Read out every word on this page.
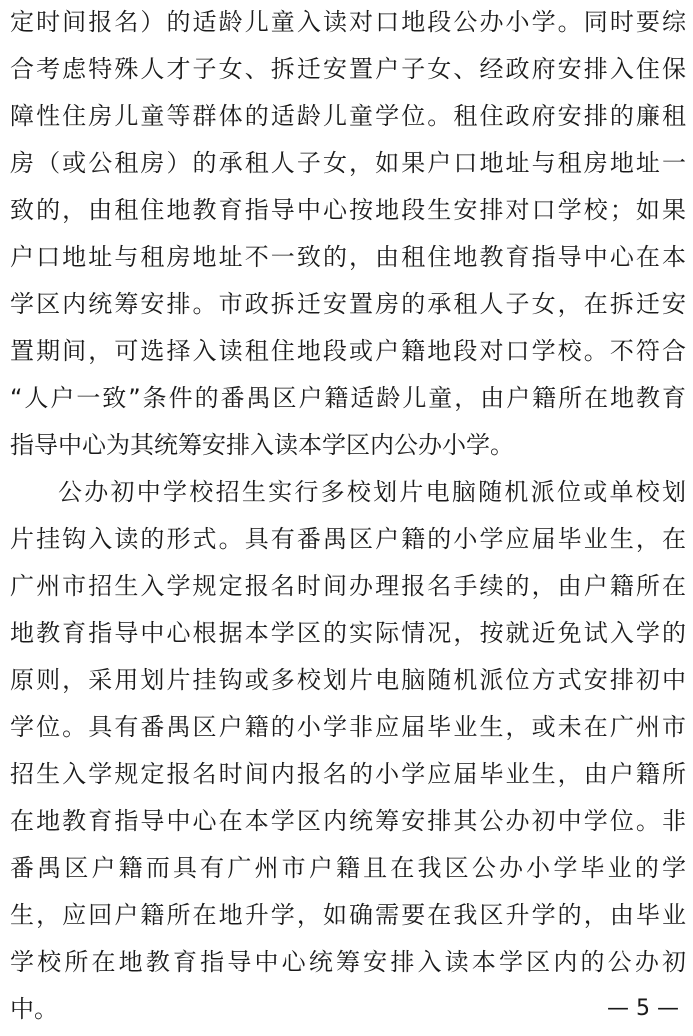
定时间报名）的适龄儿童入读对口地段公办小学。同时要综
合考虑特殊人才子女、拆迁安置户子女、经政府安排入住保
障性住房儿童等群体的适龄儿童学位。租住政府安排的廉租
房（或公租房）的承租人子女，如果户口地址与租房地址一
致的，由租住地教育指导中心按地段生安排对口学校；如果
户口地址与租房地址不一致的，由租住地教育指导中心在本
学区内统筹安排。市政拆迁安置房的承租人子女，在拆迁安
置期间，可选择入读租住地段或户籍地段对口学校。不符合
“人户一致”条件的番禺区户籍适龄儿童，由户籍所在地教育
指导中心为其统筹安排入读本学区内公办小学。
公办初中学校招生实行多校划片电脑随机派位或单校划
片挂钩入读的形式。具有番禺区户籍的小学应届毕业生，在
广州市招生入学规定报名时间办理报名手续的，由户籍所在
地教育指导中心根据本学区的实际情况，按就近免试入学的
原则，采用划片挂钩或多校划片电脑随机派位方式安排初中
学位。具有番禺区户籍的小学非应届毕业生，或未在广州市
招生入学规定报名时间内报名的小学应届毕业生，由户籍所
在地教育指导中心在本学区内统筹安排其公办初中学位。非
番禺区户籍而具有广州市户籍且在我区公办小学毕业的学
生，应回户籍所在地升学，如确需要在我区升学的，由毕业
学校所在地教育指导中心统筹安排入读本学区内的公办初
中。	— 5 —
